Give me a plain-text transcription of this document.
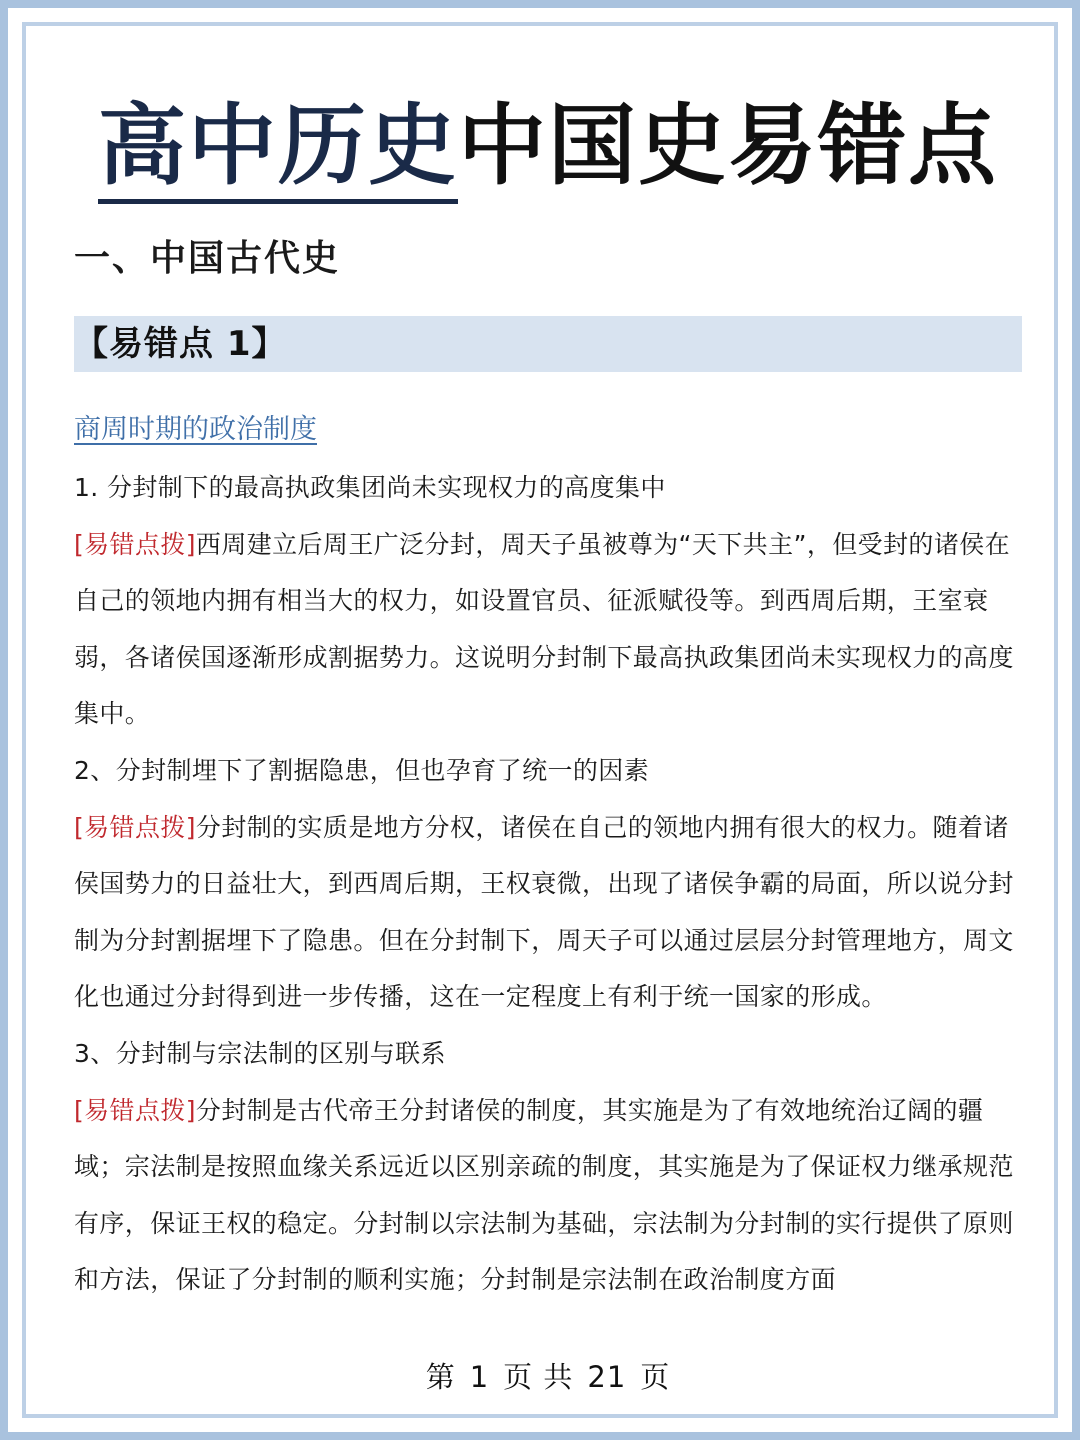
高中历史中国史易错点
一、中国古代史
【易错点 1】
商周时期的政治制度

1. 分封制下的最高执政集团尚未实现权力的高度集中

[易错点拨]西周建立后周王广泛分封，周天子虽被尊为“天下共主”，但受封的诸侯在自己的领地内拥有相当大的权力，如设置官员、征派赋役等。到西周后期，王室衰弱，各诸侯国逐渐形成割据势力。这说明分封制下最高执政集团尚未实现权力的高度集中。

2、分封制埋下了割据隐患，但也孕育了统一的因素

[易错点拨]分封制的实质是地方分权，诸侯在自己的领地内拥有很大的权力。随着诸侯国势力的日益壮大，到西周后期，王权衰微，出现了诸侯争霸的局面，所以说分封制为分封割据埋下了隐患。但在分封制下，周天子可以通过层层分封管理地方，周文化也通过分封得到进一步传播，这在一定程度上有利于统一国家的形成。

3、分封制与宗法制的区别与联系

[易错点拨]分封制是古代帝王分封诸侯的制度，其实施是为了有效地统治辽阔的疆域；宗法制是按照血缘关系远近以区别亲疏的制度，其实施是为了保证权力继承规范有序，保证王权的稳定。分封制以宗法制为基础，宗法制为分封制的实行提供了原则和方法，保证了分封制的顺利实施；分封制是宗法制在政治制度方面

第 1 页 共 21 页
